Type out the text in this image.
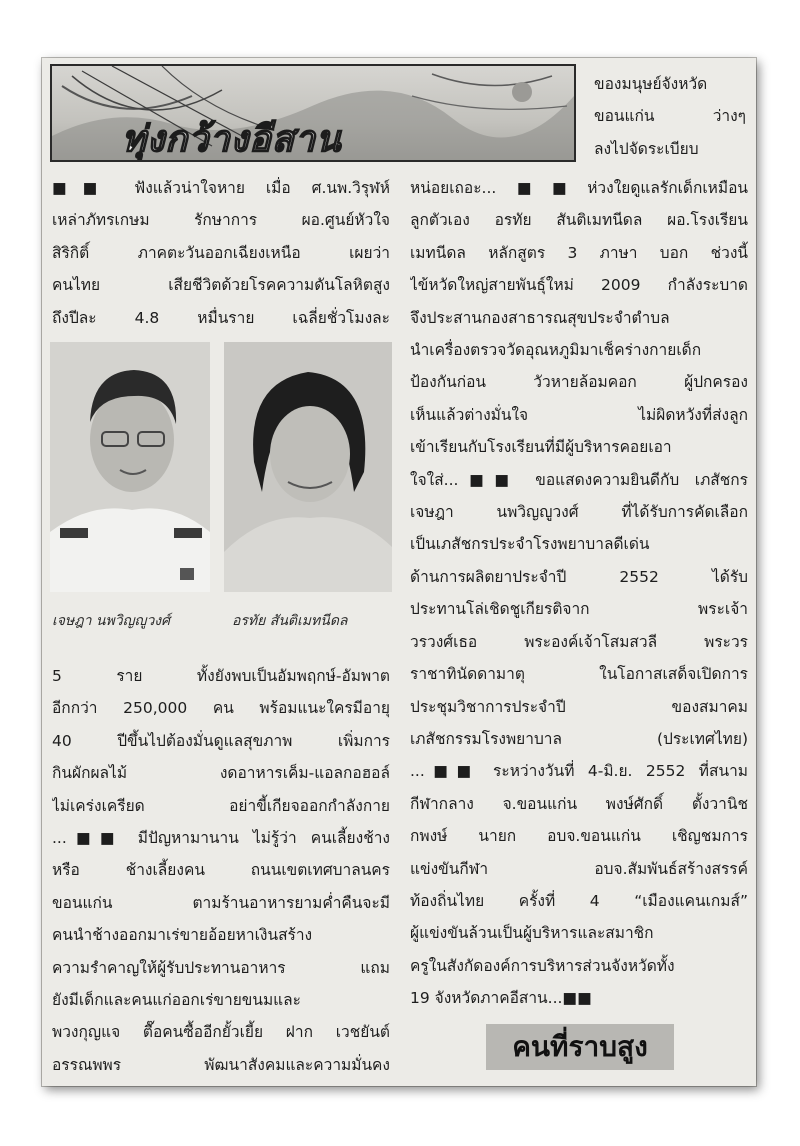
ทุ่งกว้างอีสาน
ของมนุษย์จังหวัด
ขอนแก่น ว่างๆ
ลงไปจัดระเบียบ
■■ ฟังแล้วน่าใจหาย เมื่อ ศ.นพ.วิรุฬห์
เหล่าภัทรเกษม รักษาการ ผอ.ศูนย์หัวใจ
สิริกิติ์ ภาคตะวันออกเฉียงเหนือ เผยว่า
คนไทย เสียชีวิตด้วยโรคความดันโลหิตสูง
ถึงปีละ 4.8 หมื่นราย เฉลี่ยชั่วโมงละ
เจษฎา นพวิญญูวงศ์	อรทัย สันติเมทนีดล
5 ราย ทั้งยังพบเป็นอัมพฤกษ์-อัมพาต
อีกกว่า 250,000 คน พร้อมแนะใครมีอายุ
40 ปีขึ้นไปต้องมั่นดูแลสุขภาพ เพิ่มการ
กินผักผลไม้ งดอาหารเค็ม-แอลกอฮอล์
ไม่เคร่งเครียด อย่าขี้เกียจออกกำลังกาย
...■■ มีปัญหามานาน ไม่รู้ว่า คนเลี้ยงช้าง
หรือ ช้างเลี้ยงคน ถนนเขตเทศบาลนคร
ขอนแก่น ตามร้านอาหารยามค่ำคืนจะมี
คนนำช้างออกมาเร่ขายอ้อยหาเงินสร้าง
ความรำคาญให้ผู้รับประทานอาหาร แถม
ยังมีเด็กและคนแก่ออกเร่ขายขนมและ
พวงกุญแจ ตื๊อคนซื้ออีกยั้วเยี้ย ฝาก เวชยันต์
อรรณพพร พัฒนาสังคมและความมั่นคง
หน่อยเถอะ...■■ห่วงใยดูแลรักเด็กเหมือน
ลูกตัวเอง อรทัย สันติเมทนีดล ผอ.โรงเรียน
เมทนีดล หลักสูตร 3 ภาษา บอก ช่วงนี้
ไข้หวัดใหญ่สายพันธุ์ใหม่ 2009 กำลังระบาด
จึงประสานกองสาธารณสุขประจำตำบล
นำเครื่องตรวจวัดอุณหภูมิมาเช็คร่างกายเด็ก
ป้องกันก่อน วัวหายล้อมคอก ผู้ปกครอง
เห็นแล้วต่างมั่นใจ ไม่ผิดหวังที่ส่งลูก
เข้าเรียนกับโรงเรียนที่มีผู้บริหารคอยเอา
ใจใส่...■■ ขอแสดงความยินดีกับ เภสัชกร
เจษฎา นพวิญญูวงศ์ ที่ได้รับการคัดเลือก
เป็นเภสัชกรประจำโรงพยาบาลดีเด่น
ด้านการผลิตยาประจำปี 2552 ได้รับ
ประทานโล่เชิดชูเกียรติจาก พระเจ้า
วรวงศ์เธอ พระองค์เจ้าโสมสวลี พระวร
ราชาทินัดดามาตุ ในโอกาสเสด็จเปิดการ
ประชุมวิชาการประจำปี ของสมาคม
เภสัชกรรมโรงพยาบาล (ประเทศไทย)
...■■ ระหว่างวันที่ 4-มิ.ย. 2552 ที่สนาม
กีฬากลาง จ.ขอนแก่น พงษ์ศักดิ์ ตั้งวานิช
กพงษ์ นายก อบจ.ขอนแก่น เชิญชมการ
แข่งขันกีฬา อบจ.สัมพันธ์สร้างสรรค์
ท้องถิ่นไทย ครั้งที่ 4 “เมืองแคนเกมส์”
ผู้แข่งขันล้วนเป็นผู้บริหารและสมาชิก
ครูในสังกัดองค์การบริหารส่วนจังหวัดทั้ง
19 จังหวัดภาคอีสาน...■■
คนที่ราบสูง
